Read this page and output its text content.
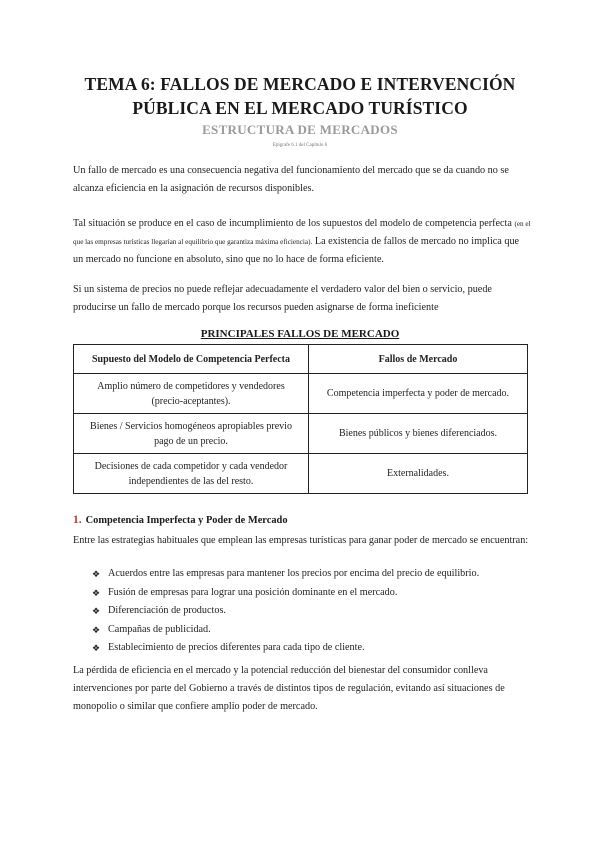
TEMA 6: FALLOS DE MERCADO E INTERVENCIÓN
PÚBLICA EN EL MERCADO TURÍSTICO
ESTRUCTURA DE MERCADOS
Epígrafe 6.1 del Capítulo 6

Un fallo de mercado es una consecuencia negativa del funcionamiento del mercado que se da cuando no se alcanza eficiencia en la asignación de recursos disponibles.

Tal situación se produce en el caso de incumplimiento de los supuestos del modelo de competencia perfecta (en el que las empresas turísticas llegarían al equilibrio que garantiza máxima eficiencia). La existencia de fallos de mercado no implica que un mercado no funcione en absoluto, sino que no lo hace de forma eficiente.

Si un sistema de precios no puede reflejar adecuadamente el verdadero valor del bien o servicio, puede producirse un fallo de mercado porque los recursos pueden asignarse de forma ineficiente

PRINCIPALES FALLOS DE MERCADO
Supuesto del Modelo de Competencia Perfecta	Fallos de Mercado
Amplio número de competidores y vendedores (precio-aceptantes).	Competencia imperfecta y poder de mercado.
Bienes / Servicios homogéneos apropiables previo pago de un precio.	Bienes públicos y bienes diferenciados.
Decisiones de cada competidor y cada vendedor independientes de las del resto.	Externalidades.
1. Competencia Imperfecta y Poder de Mercado

Entre las estrategias habituales que emplean las empresas turísticas para ganar poder de mercado se encuentran:

❖ Acuerdos entre las empresas para mantener los precios por encima del precio de equilibrio.
❖ Fusión de empresas para lograr una posición dominante en el mercado.
❖ Diferenciación de productos.
❖ Campañas de publicidad.
❖ Establecimiento de precios diferentes para cada tipo de cliente.

La pérdida de eficiencia en el mercado y la potencial reducción del bienestar del consumidor conlleva intervenciones por parte del Gobierno a través de distintos tipos de regulación, evitando así situaciones de monopolio o similar que confiere amplio poder de mercado.
